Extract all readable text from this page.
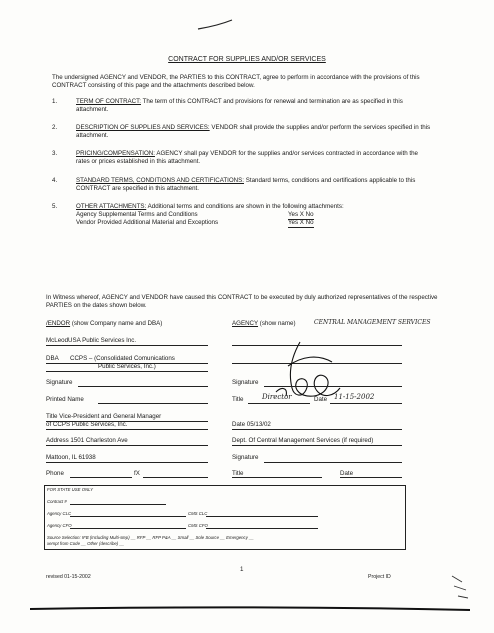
CONTRACT FOR SUPPLIES AND/OR SERVICES
The undersigned AGENCY and VENDOR, the PARTIES to this CONTRACT, agree to perform in accordance with the provisions of this CONTRACT consisting of this page and the attachments described below.
1.	TERM OF CONTRACT: The term of this CONTRACT and provisions for renewal and termination are as specified in this attachment.
2.	DESCRIPTION OF SUPPLIES AND SERVICES: VENDOR shall provide the supplies and/or perform the services specified in this attachment.
3.	PRICING/COMPENSATION: AGENCY shall pay VENDOR for the supplies and/or services contracted in accordance with the rates or prices established in this attachment.
4.	STANDARD TERMS, CONDITIONS AND CERTIFICATIONS: Standard terms, conditions and certifications applicable to this CONTRACT are specified in this attachment.
5.	OTHER ATTACHMENTS: Additional terms and conditions are shown in the following attachments:
Agency Supplemental Terms and Conditions	Yes X No
Vendor Provided Additional Material and Exceptions	Yes X No
In Witness whereof, AGENCY and VENDOR have caused this CONTRACT to be executed by duly authorized representatives of the respective PARTIES on the dates shown below.
/ENDOR (show Company name and DBA)
McLeodUSA Public Services Inc.
DBA CCPS – (Consolidated Comunications
Public Services, Inc.)
Signature
Printed Name
Title Vice-President and General Manager
of CCPS Public Services, Inc.
Address 1501 Charleston Ave
Mattoon, IL 61938
Phone	fX
AGENCY (show name)	CENTRAL MANAGEMENT SERVICES
Signature
Title	Director	Date 11-15-2002
Date 05/13/02
Dept. Of Central Management Services (if required)
Signature
Title	Date
FOR STATE USE ONLY
Contract #
Agency CLC	CMS CLC
Agency CFO	CMS CFO
Source Selection: IFB (Including Multi-step) __ RFP __ RFP P&A __ Small __ Sole Source __ Emergency __
xempt from Code __ Other (describe) __
1
revised 01-15-2002	Project ID
